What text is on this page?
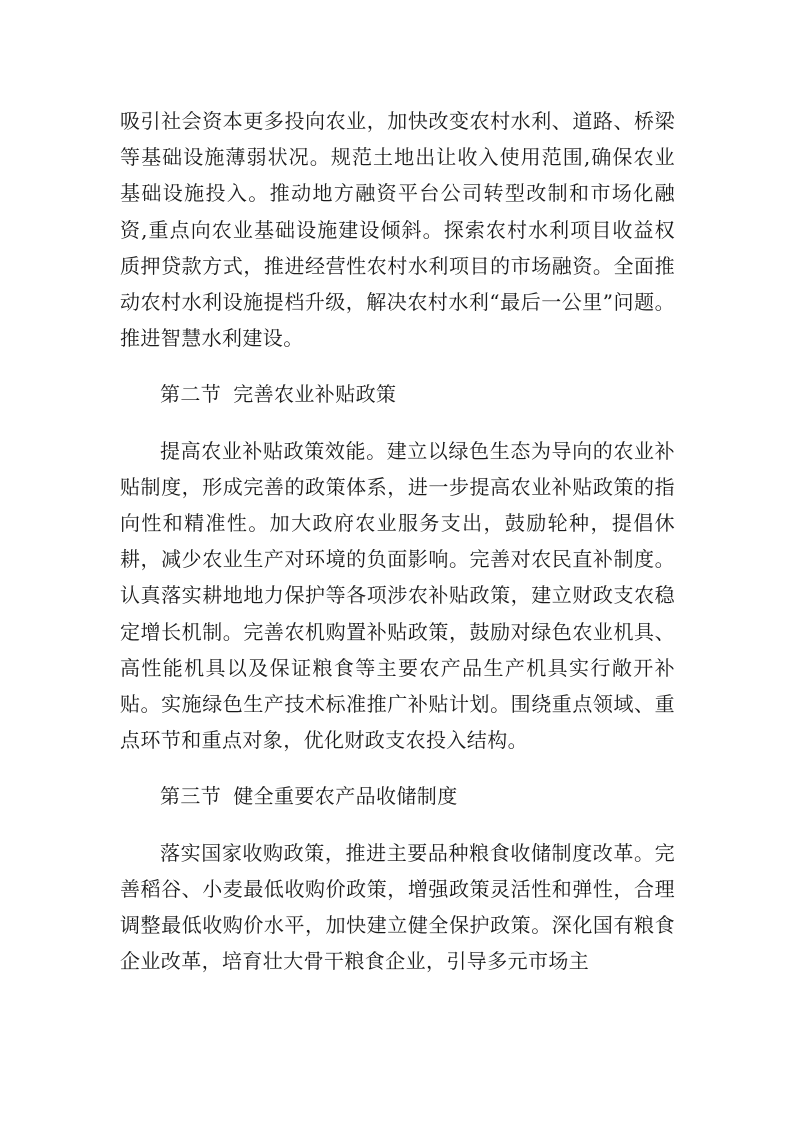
吸引社会资本更多投向农业，加快改变农村水利、道路、桥梁等基础设施薄弱状况。规范土地出让收入使用范围,确保农业基础设施投入。推动地方融资平台公司转型改制和市场化融资,重点向农业基础设施建设倾斜。探索农村水利项目收益权质押贷款方式，推进经营性农村水利项目的市场融资。全面推动农村水利设施提档升级，解决农村水利“最后一公里”问题。推进智慧水利建设。

第二节 完善农业补贴政策

提高农业补贴政策效能。建立以绿色生态为导向的农业补贴制度，形成完善的政策体系，进一步提高农业补贴政策的指向性和精准性。加大政府农业服务支出，鼓励轮种，提倡休耕，减少农业生产对环境的负面影响。完善对农民直补制度。认真落实耕地地力保护等各项涉农补贴政策，建立财政支农稳定增长机制。完善农机购置补贴政策，鼓励对绿色农业机具、高性能机具以及保证粮食等主要农产品生产机具实行敞开补贴。实施绿色生产技术标准推广补贴计划。围绕重点领域、重点环节和重点对象，优化财政支农投入结构。

第三节 健全重要农产品收储制度

落实国家收购政策，推进主要品种粮食收储制度改革。完善稻谷、小麦最低收购价政策，增强政策灵活性和弹性，合理调整最低收购价水平，加快建立健全保护政策。深化国有粮食企业改革，培育壮大骨干粮食企业，引导多元市场主
